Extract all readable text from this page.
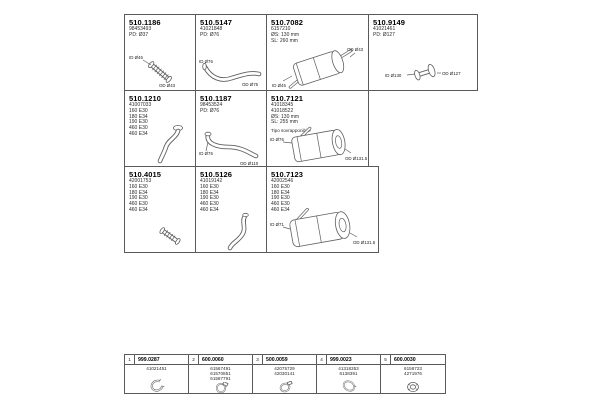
510.1186
98453493
PD: Ø37
ID Ø46
OD Ø43
510.5147
41021848
PD: Ø76
ID Ø76
OD Ø75
510.7082
6157210
ØS: 130 mm
SL: 260 mm
ID Ø45
OD Ø43
510.9149
41021461
PD: Ø127
ID Ø130	OD Ø127
510.1210
41007033
160 E30
180 E34
190 E30
460 E30
460 E34
510.1187
98453524
PD: Ø76
ID Ø76
OD Ø110
510.7121
41018345
41018522
ØS: 130 mm
SL: 255 mm
Tipo sovrapponibile
ID Ø76
OD Ø131.5
510.4015
42001753
160 E30
180 E34
190 E30
460 E30
460 E34
510.5126
41019142
160 E30
180 E34
190 E30
460 E30
460 E34
510.7123
42002546
160 E30
180 E34
190 E30
460 E30
460 E34
ID Ø71
OD Ø131.5
1	999.0287
41021451
2	600.0060
61567491
61570851
61587791
3	500.0059
42075729
42030141
4	999.0023
41318353
6138391
5	600.0030
6156723
4271976
